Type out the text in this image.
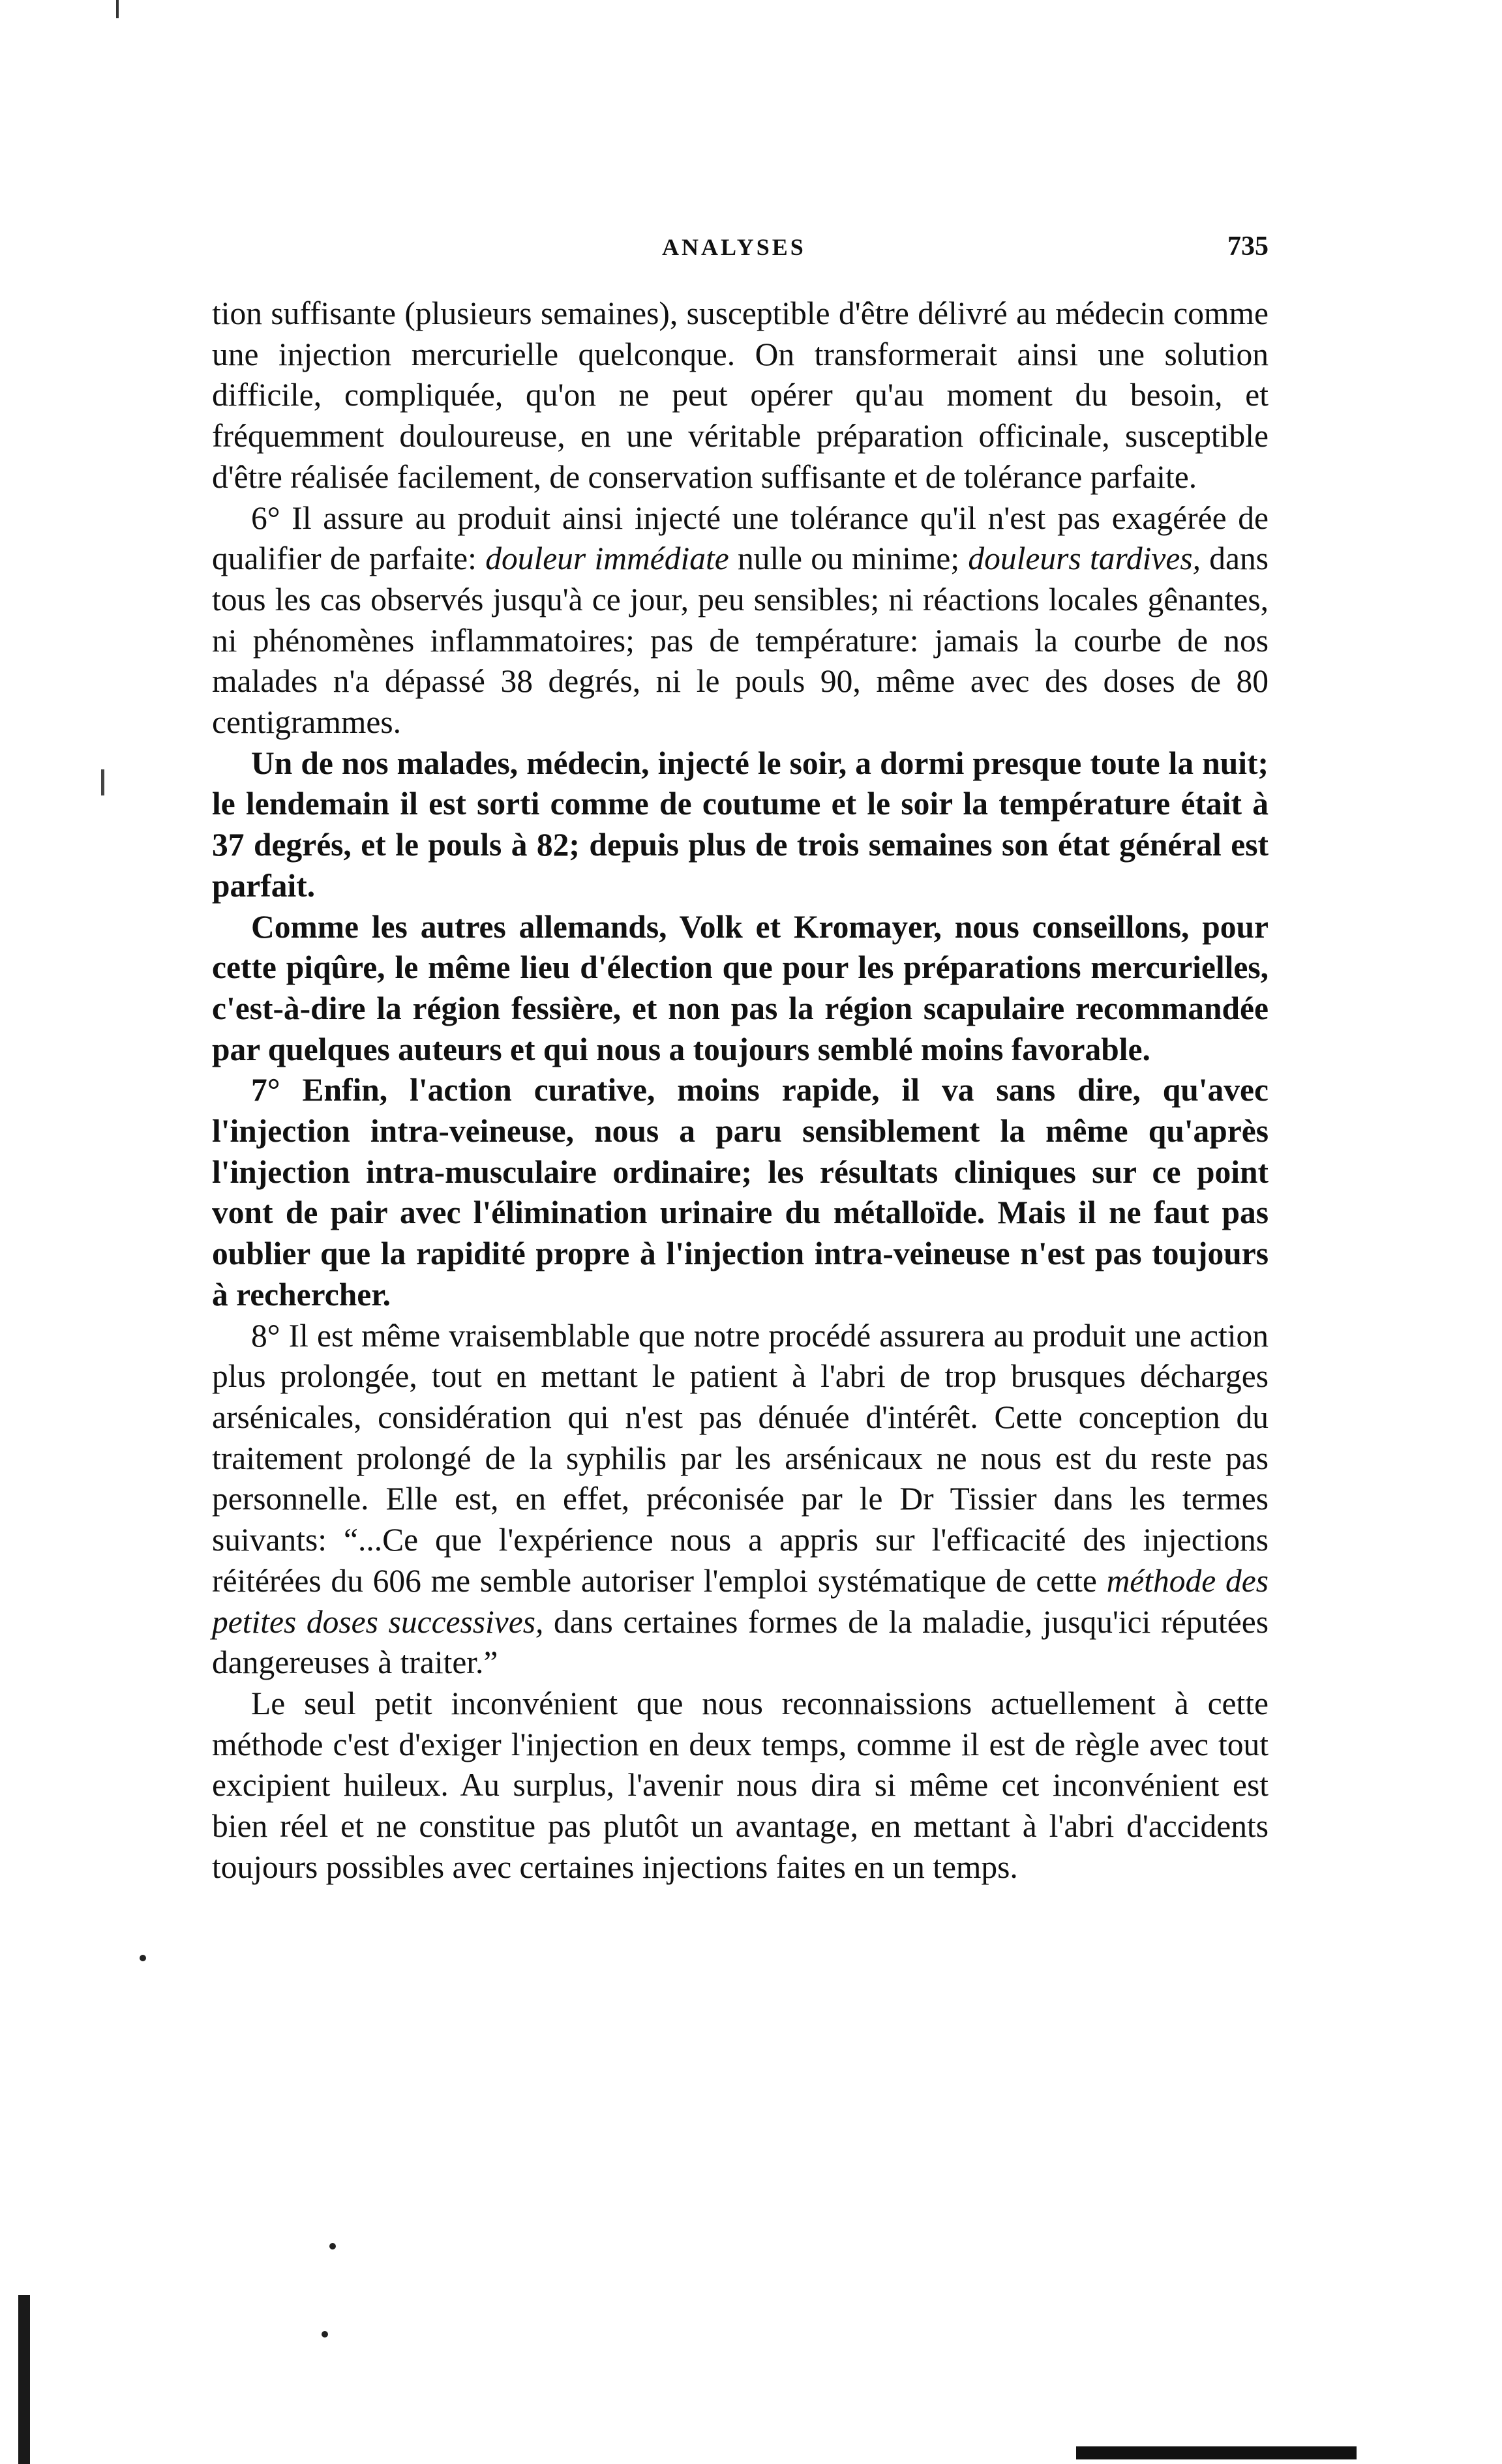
ANALYSES	735

tion suffisante (plusieurs semaines), susceptible d'être délivré au médecin comme une injection mercurielle quelconque. On transformerait ainsi une solution difficile, compliquée, qu'on ne peut opérer qu'au moment du besoin, et fréquemment douloureuse, en une véritable préparation officinale, susceptible d'être réalisée facilement, de conservation suffisante et de tolérance parfaite.

6° Il assure au produit ainsi injecté une tolérance qu'il n'est pas exagérée de qualifier de parfaite: douleur immédiate nulle ou minime; douleurs tardives, dans tous les cas observés jusqu'à ce jour, peu sensibles; ni réactions locales gênantes, ni phénomènes inflammatoires; pas de température: jamais la courbe de nos malades n'a dépassé 38 degrés, ni le pouls 90, même avec des doses de 80 centigrammes.

Un de nos malades, médecin, injecté le soir, a dormi presque toute la nuit; le lendemain il est sorti comme de coutume et le soir la température était à 37 degrés, et le pouls à 82; depuis plus de trois semaines son état général est parfait.

Comme les autres allemands, Volk et Kromayer, nous conseillons, pour cette piqûre, le même lieu d'élection que pour les préparations mercurielles, c'est-à-dire la région fessière, et non pas la région scapulaire recommandée par quelques auteurs et qui nous a toujours semblé moins favorable.

7° Enfin, l'action curative, moins rapide, il va sans dire, qu'avec l'injection intra-veineuse, nous a paru sensiblement la même qu'après l'injection intra-musculaire ordinaire; les résultats cliniques sur ce point vont de pair avec l'élimination urinaire du métalloïde. Mais il ne faut pas oublier que la rapidité propre à l'injection intra-veineuse n'est pas toujours à rechercher.

8° Il est même vraisemblable que notre procédé assurera au produit une action plus prolongée, tout en mettant le patient à l'abri de trop brusques décharges arsénicales, considération qui n'est pas dénuée d'intérêt. Cette conception du traitement prolongé de la syphilis par les arsénicaux ne nous est du reste pas personnelle. Elle est, en effet, préconisée par le Dr Tissier dans les termes suivants: “...Ce que l'expérience nous a appris sur l'efficacité des injections réitérées du 606 me semble autoriser l'emploi systématique de cette méthode des petites doses successives, dans certaines formes de la maladie, jusqu'ici réputées dangereuses à traiter.”

Le seul petit inconvénient que nous reconnaissions actuellement à cette méthode c'est d'exiger l'injection en deux temps, comme il est de règle avec tout excipient huileux. Au surplus, l'avenir nous dira si même cet inconvénient est bien réel et ne constitue pas plutôt un avantage, en mettant à l'abri d'accidents toujours possibles avec certaines injections faites en un temps.
